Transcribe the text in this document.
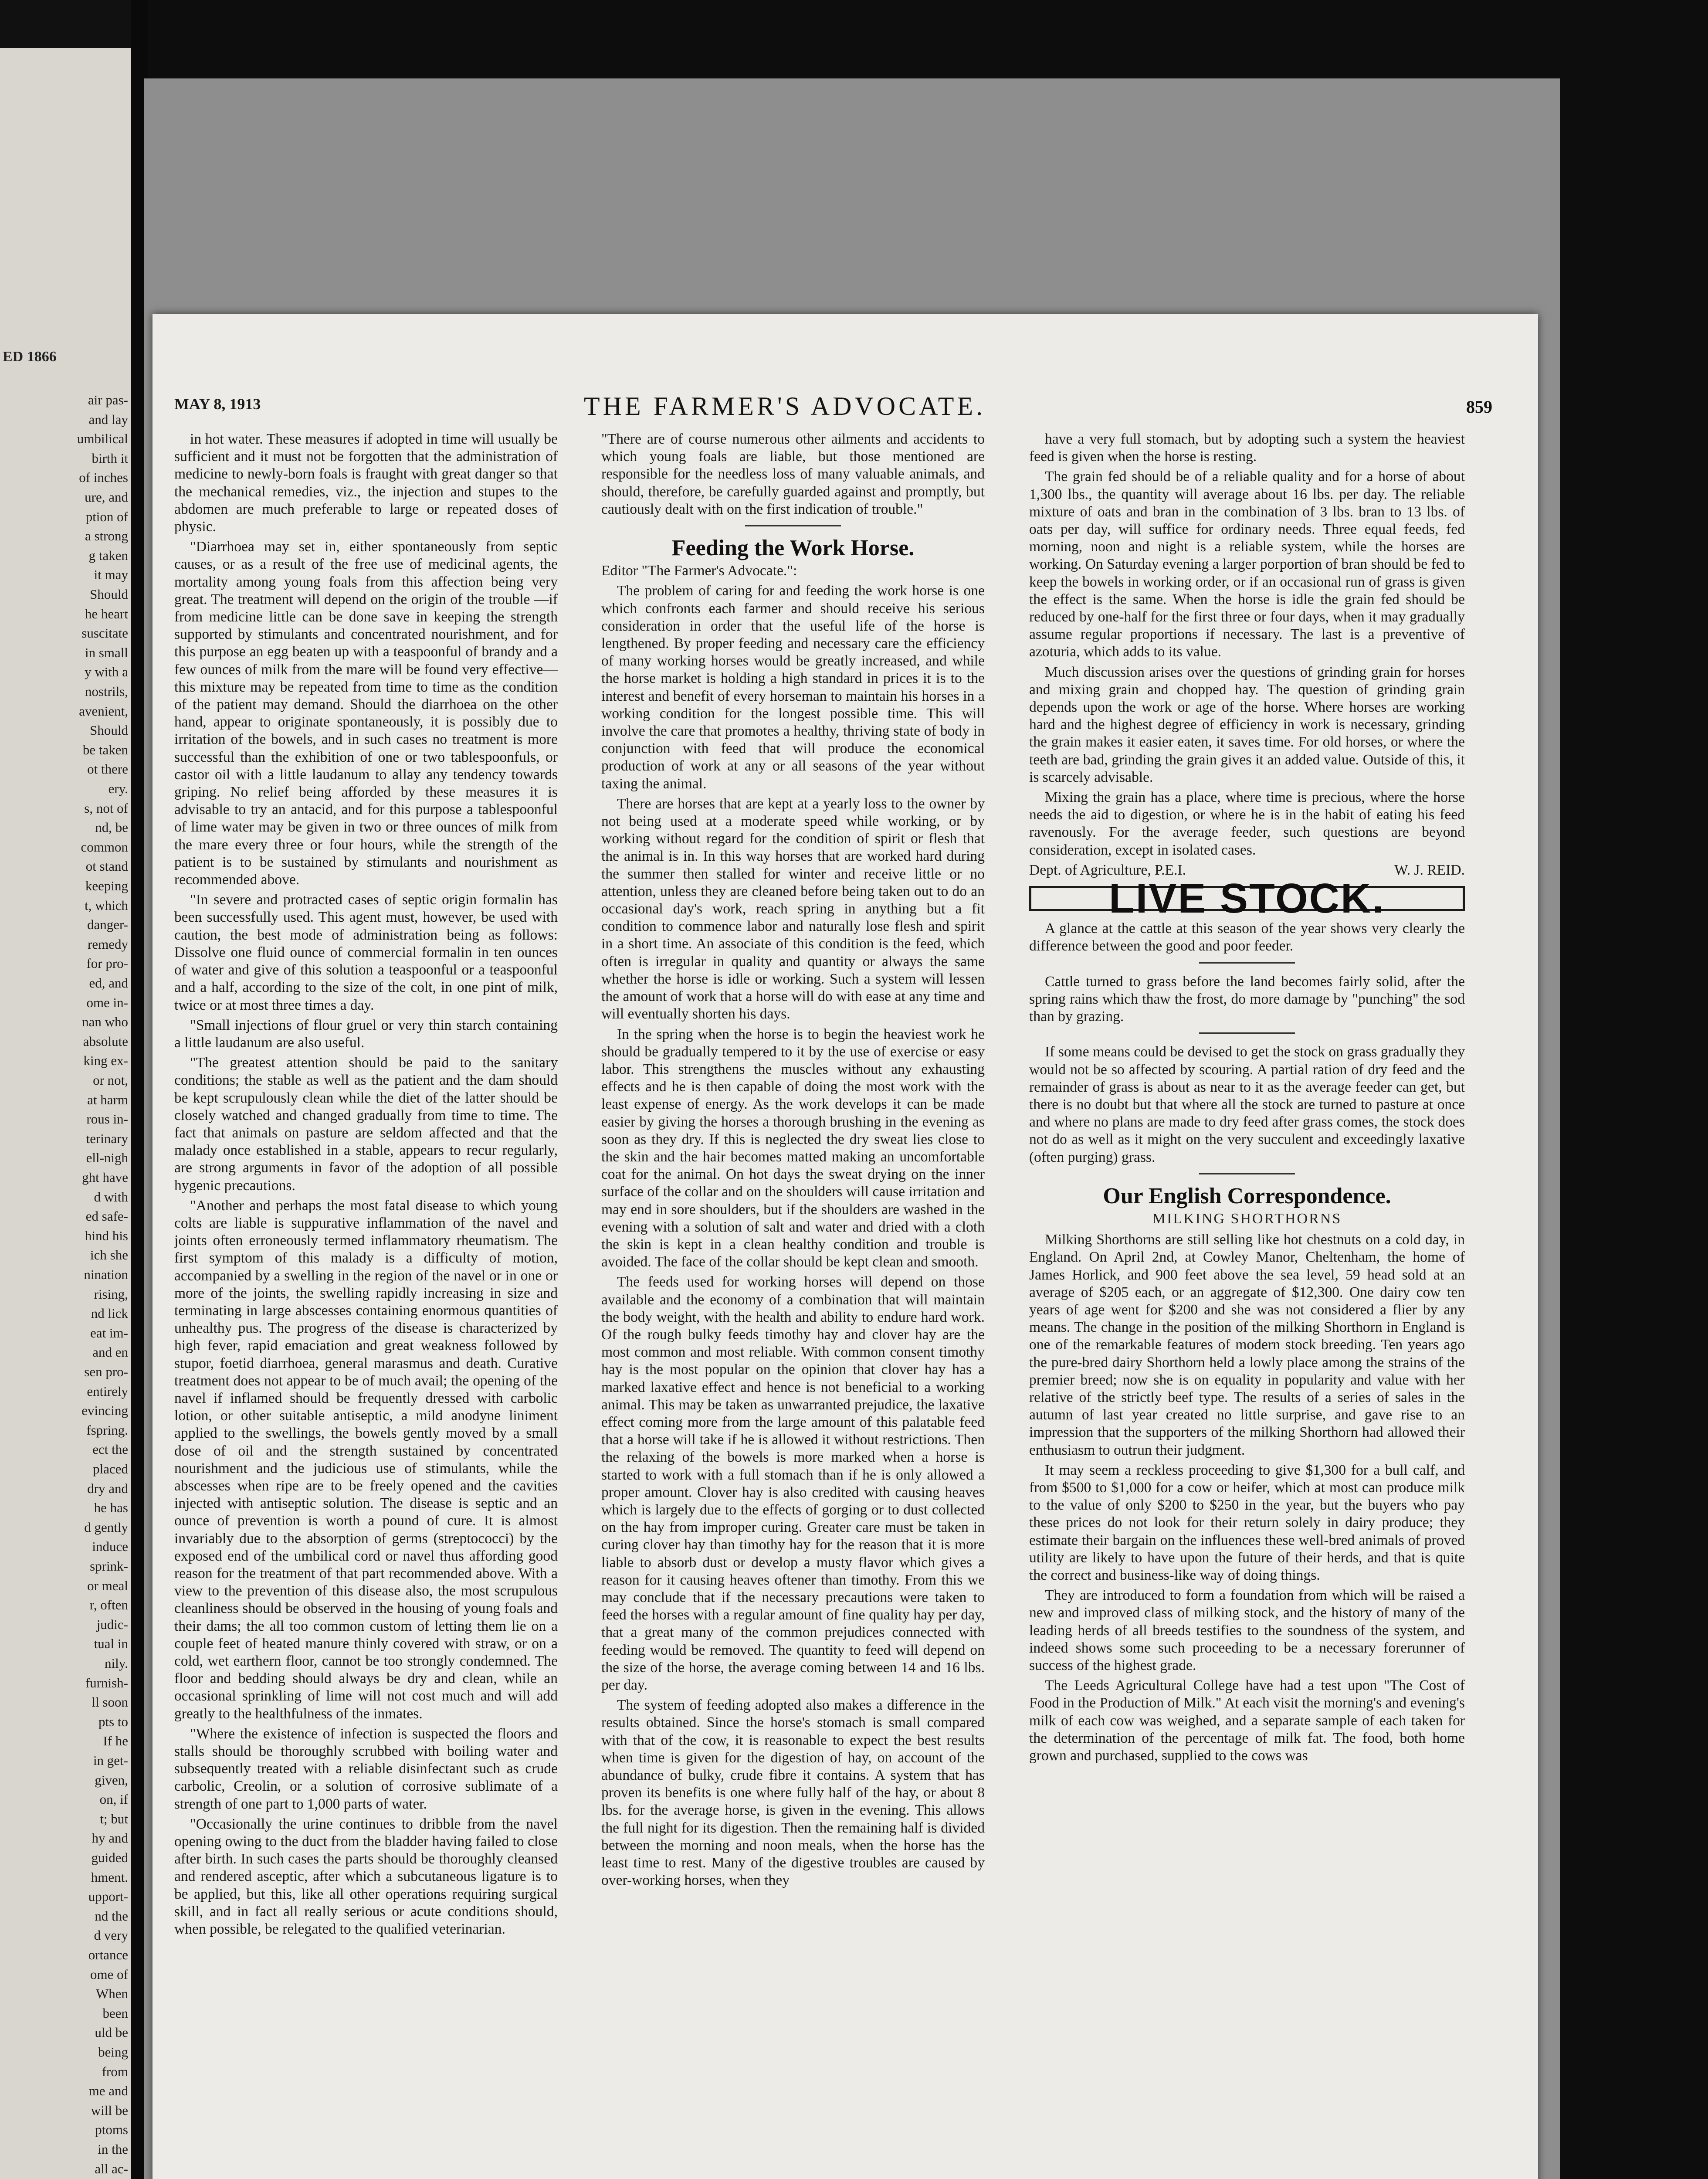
ED 1866
air pas-
and lay
umbilical
birth it
of inches
ure, and
ption of
a strong
g taken
it may
Should
he heart
suscitate
in small
y with a
nostrils,
avenient,
Should
be taken
ot there
ery.
s, not of
nd, be
common
ot stand
keeping
t, which
danger-
remedy
for pro-
ed, and
ome in-
nan who
absolute
king ex-
or not,
at harm
rous in-
terinary
ell-nigh
ght have
d with
ed safe-
hind his
ich she
nination
rising,
nd lick
eat im-
and en
sen pro-
entirely
evincing
fspring.
ect the
placed
dry and
he has
d gently
induce
sprink-
or meal
r, often
judic-
tual in
nily.
furnish-
ll soon
pts to
If he
in get-
given,
on, if
t; but
hy and
guided
hment.
upport-
nd the
d very
ortance
ome of
When
been
uld be
being
from
me and
will be
ptoms
in the
all ac-
MAY 8, 1913	THE FARMER'S ADVOCATE.	859

in hot water. These measures if adopted in time will usually be sufficient and it must not be forgotten that the administration of medicine to newly-born foals is fraught with great danger so that the mechanical remedies, viz., the injection and stupes to the abdomen are much preferable to large or repeated doses of physic.

"Diarrhoea may set in, either spontaneously from septic causes, or as a result of the free use of medicinal agents, the mortality among young foals from this affection being very great. The treatment will depend on the origin of the trouble —if from medicine little can be done save in keeping the strength supported by stimulants and concentrated nourishment, and for this purpose an egg beaten up with a teaspoonful of brandy and a few ounces of milk from the mare will be found very effective—this mixture may be repeated from time to time as the condition of the patient may demand. Should the diarrhoea on the other hand, appear to originate spontaneously, it is possibly due to irritation of the bowels, and in such cases no treatment is more successful than the exhibition of one or two tablespoonfuls, or castor oil with a little laudanum to allay any tendency towards griping. No relief being afforded by these measures it is advisable to try an antacid, and for this purpose a tablespoonful of lime water may be given in two or three ounces of milk from the mare every three or four hours, while the strength of the patient is to be sustained by stimulants and nourishment as recommended above.

"In severe and protracted cases of septic origin formalin has been successfully used. This agent must, however, be used with caution, the best mode of administration being as follows: Dissolve one fluid ounce of commercial formalin in ten ounces of water and give of this solution a teaspoonful or a teaspoonful and a half, according to the size of the colt, in one pint of milk, twice or at most three times a day.

"Small injections of flour gruel or very thin starch containing a little laudanum are also useful.

"The greatest attention should be paid to the sanitary conditions; the stable as well as the patient and the dam should be kept scrupulously clean while the diet of the latter should be closely watched and changed gradually from time to time. The fact that animals on pasture are seldom affected and that the malady once established in a stable, appears to recur regularly, are strong arguments in favor of the adoption of all possible hygenic precautions.

"Another and perhaps the most fatal disease to which young colts are liable is suppurative inflammation of the navel and joints often erroneously termed inflammatory rheumatism. The first symptom of this malady is a difficulty of motion, accompanied by a swelling in the region of the navel or in one or more of the joints, the swelling rapidly increasing in size and terminating in large abscesses containing enormous quantities of unhealthy pus. The progress of the disease is characterized by high fever, rapid emaciation and great weakness followed by stupor, foetid diarrhoea, general marasmus and death. Curative treatment does not appear to be of much avail; the opening of the navel if inflamed should be frequently dressed with carbolic lotion, or other suitable antiseptic, a mild anodyne liniment applied to the swellings, the bowels gently moved by a small dose of oil and the strength sustained by concentrated nourishment and the judicious use of stimulants, while the abscesses when ripe are to be freely opened and the cavities injected with antiseptic solution. The disease is septic and an ounce of prevention is worth a pound of cure. It is almost invariably due to the absorption of germs (streptococci) by the exposed end of the umbilical cord or navel thus affording good reason for the treatment of that part recommended above. With a view to the prevention of this disease also, the most scrupulous cleanliness should be observed in the housing of young foals and their dams; the all too common custom of letting them lie on a couple feet of heated manure thinly covered with straw, or on a cold, wet earthern floor, cannot be too strongly condemned. The floor and bedding should always be dry and clean, while an occasional sprinkling of lime will not cost much and will add greatly to the healthfulness of the inmates.

"Where the existence of infection is suspected the floors and stalls should be thoroughly scrubbed with boiling water and subsequently treated with a reliable disinfectant such as crude carbolic, Creolin, or a solution of corrosive sublimate of a strength of one part to 1,000 parts of water.

"Occasionally the urine continues to dribble from the navel opening owing to the duct from the bladder having failed to close after birth. In such cases the parts should be thoroughly cleansed and rendered asceptic, after which a subcutaneous ligature is to be applied, but this, like all other operations requiring surgical skill, and in fact all really serious or acute conditions should, when possible, be relegated to the qualified veterinarian.

"There are of course numerous other ailments and accidents to which young foals are liable, but those mentioned are responsible for the needless loss of many valuable animals, and should, therefore, be carefully guarded against and promptly, but cautiously dealt with on the first indication of trouble."

Feeding the Work Horse.

Editor "The Farmer's Advocate.":

The problem of caring for and feeding the work horse is one which confronts each farmer and should receive his serious consideration in order that the useful life of the horse is lengthened. By proper feeding and necessary care the efficiency of many working horses would be greatly increased, and while the horse market is holding a high standard in prices it is to the interest and benefit of every horseman to maintain his horses in a working condition for the longest possible time. This will involve the care that promotes a healthy, thriving state of body in conjunction with feed that will produce the economical production of work at any or all seasons of the year without taxing the animal.

There are horses that are kept at a yearly loss to the owner by not being used at a moderate speed while working, or by working without regard for the condition of spirit or flesh that the animal is in. In this way horses that are worked hard during the summer then stalled for winter and receive little or no attention, unless they are cleaned before being taken out to do an occasional day's work, reach spring in anything but a fit condition to commence labor and naturally lose flesh and spirit in a short time. An associate of this condition is the feed, which often is irregular in quality and quantity or always the same whether the horse is idle or working. Such a system will lessen the amount of work that a horse will do with ease at any time and will eventually shorten his days.

In the spring when the horse is to begin the heaviest work he should be gradually tempered to it by the use of exercise or easy labor. This strengthens the muscles without any exhausting effects and he is then capable of doing the most work with the least expense of energy. As the work develops it can be made easier by giving the horses a thorough brushing in the evening as soon as they dry. If this is neglected the dry sweat lies close to the skin and the hair becomes matted making an uncomfortable coat for the animal. On hot days the sweat drying on the inner surface of the collar and on the shoulders will cause irritation and may end in sore shoulders, but if the shoulders are washed in the evening with a solution of salt and water and dried with a cloth the skin is kept in a clean healthy condition and trouble is avoided. The face of the collar should be kept clean and smooth.

The feeds used for working horses will depend on those available and the economy of a combination that will maintain the body weight, with the health and ability to endure hard work. Of the rough bulky feeds timothy hay and clover hay are the most common and most reliable. With common consent timothy hay is the most popular on the opinion that clover hay has a marked laxative effect and hence is not beneficial to a working animal. This may be taken as unwarranted prejudice, the laxative effect coming more from the large amount of this palatable feed that a horse will take if he is allowed it without restrictions. Then the relaxing of the bowels is more marked when a horse is started to work with a full stomach than if he is only allowed a proper amount. Clover hay is also credited with causing heaves which is largely due to the effects of gorging or to dust collected on the hay from improper curing. Greater care must be taken in curing clover hay than timothy hay for the reason that it is more liable to absorb dust or develop a musty flavor which gives a reason for it causing heaves oftener than timothy. From this we may conclude that if the necessary precautions were taken to feed the horses with a regular amount of fine quality hay per day, that a great many of the common prejudices connected with feeding would be removed. The quantity to feed will depend on the size of the horse, the average coming between 14 and 16 lbs. per day.

The system of feeding adopted also makes a difference in the results obtained. Since the horse's stomach is small compared with that of the cow, it is reasonable to expect the best results when time is given for the digestion of hay, on account of the abundance of bulky, crude fibre it contains. A system that has proven its benefits is one where fully half of the hay, or about 8 lbs. for the average horse, is given in the evening. This allows the full night for its digestion. Then the remaining half is divided between the morning and noon meals, when the horse has the least time to rest. Many of the digestive troubles are caused by over-working horses, when they

have a very full stomach, but by adopting such a system the heaviest feed is given when the horse is resting.

The grain fed should be of a reliable quality and for a horse of about 1,300 lbs., the quantity will average about 16 lbs. per day. The reliable mixture of oats and bran in the combination of 3 lbs. bran to 13 lbs. of oats per day, will suffice for ordinary needs. Three equal feeds, fed morning, noon and night is a reliable system, while the horses are working. On Saturday evening a larger porportion of bran should be fed to keep the bowels in working order, or if an occasional run of grass is given the effect is the same. When the horse is idle the grain fed should be reduced by one-half for the first three or four days, when it may gradually assume regular proportions if necessary. The last is a preventive of azoturia, which adds to its value.

Much discussion arises over the questions of grinding grain for horses and mixing grain and chopped hay. The question of grinding grain depends upon the work or age of the horse. Where horses are working hard and the highest degree of efficiency in work is necessary, grinding the grain makes it easier eaten, it saves time. For old horses, or where the teeth are bad, grinding the grain gives it an added value. Outside of this, it is scarcely advisable.

Mixing the grain has a place, where time is precious, where the horse needs the aid to digestion, or where he is in the habit of eating his feed ravenously. For the average feeder, such questions are beyond consideration, except in isolated cases.

Dept. of Agriculture, P.E.I.	W. J. REID.
LIVE STOCK.

A glance at the cattle at this season of the year shows very clearly the difference between the good and poor feeder.

Cattle turned to grass before the land becomes fairly solid, after the spring rains which thaw the frost, do more damage by "punching" the sod than by grazing.

If some means could be devised to get the stock on grass gradually they would not be so affected by scouring. A partial ration of dry feed and the remainder of grass is about as near to it as the average feeder can get, but there is no doubt but that where all the stock are turned to pasture at once and where no plans are made to dry feed after grass comes, the stock does not do as well as it might on the very succulent and exceedingly laxative (often purging) grass.

Our English Correspondence.
MILKING SHORTHORNS

Milking Shorthorns are still selling like hot chestnuts on a cold day, in England. On April 2nd, at Cowley Manor, Cheltenham, the home of James Horlick, and 900 feet above the sea level, 59 head sold at an average of $205 each, or an aggregate of $12,300. One dairy cow ten years of age went for $200 and she was not considered a flier by any means. The change in the position of the milking Shorthorn in England is one of the remarkable features of modern stock breeding. Ten years ago the pure-bred dairy Shorthorn held a lowly place among the strains of the premier breed; now she is on equality in popularity and value with her relative of the strictly beef type. The results of a series of sales in the autumn of last year created no little surprise, and gave rise to an impression that the supporters of the milking Shorthorn had allowed their enthusiasm to outrun their judgment.

It may seem a reckless proceeding to give $1,300 for a bull calf, and from $500 to $1,000 for a cow or heifer, which at most can produce milk to the value of only $200 to $250 in the year, but the buyers who pay these prices do not look for their return solely in dairy produce; they estimate their bargain on the influences these well-bred animals of proved utility are likely to have upon the future of their herds, and that is quite the correct and business-like way of doing things.

They are introduced to form a foundation from which will be raised a new and improved class of milking stock, and the history of many of the leading herds of all breeds testifies to the soundness of the system, and indeed shows some such proceeding to be a necessary forerunner of success of the highest grade.

The Leeds Agricultural College have had a test upon "The Cost of Food in the Production of Milk." At each visit the morning's and evening's milk of each cow was weighed, and a separate sample of each taken for the determination of the percentage of milk fat. The food, both home grown and purchased, supplied to the cows was
